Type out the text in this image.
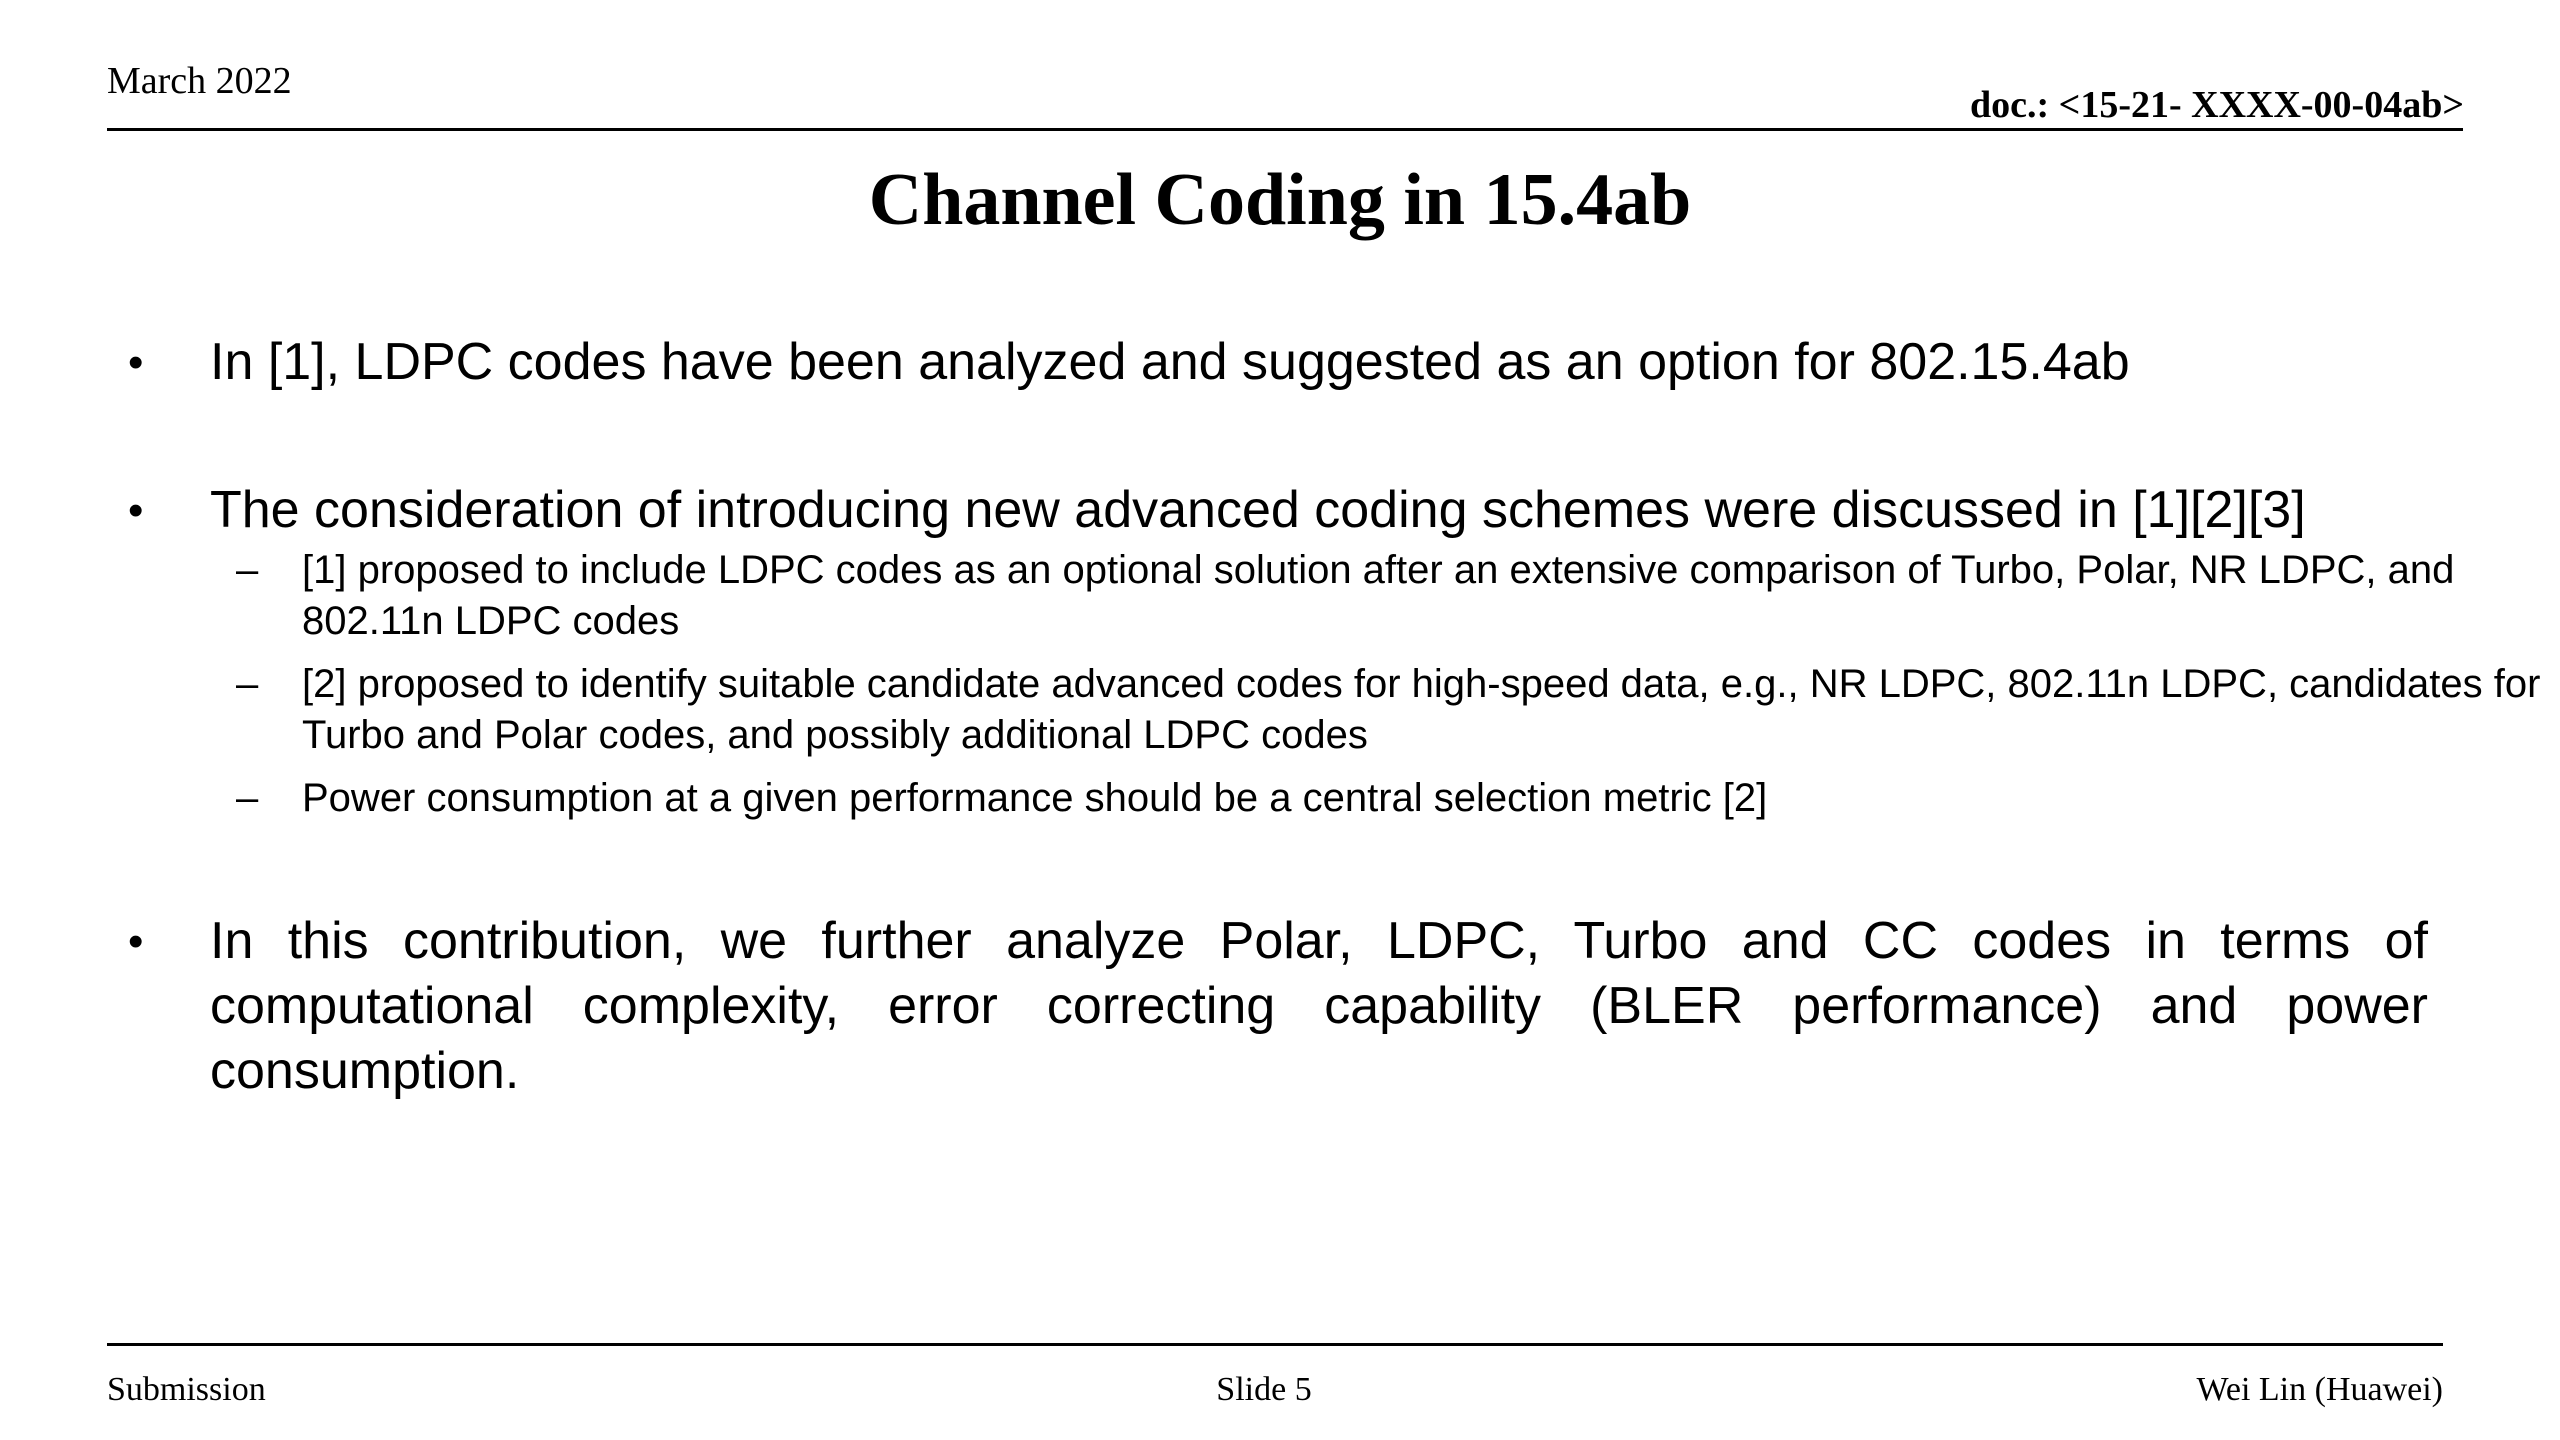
March 2022
doc.: <15-21- XXXX-00-04ab>
Channel Coding in 15.4ab
• In [1], LDPC codes have been analyzed and suggested as an option for 802.15.4ab
• The consideration of introducing new advanced coding schemes were discussed in [1][2][3]
– [1] proposed to include LDPC codes as an optional solution after an extensive comparison of Turbo, Polar, NR LDPC, and 802.11n LDPC codes
– [2] proposed to identify suitable candidate advanced codes for high-speed data, e.g., NR LDPC, 802.11n LDPC, candidates for Turbo and Polar codes, and possibly additional LDPC codes
– Power consumption at a given performance should be a central selection metric [2]
• In this contribution, we further analyze Polar, LDPC, Turbo and CC codes in terms of computational complexity, error correcting capability (BLER performance) and power consumption.
Submission	Slide 5	Wei Lin (Huawei)
